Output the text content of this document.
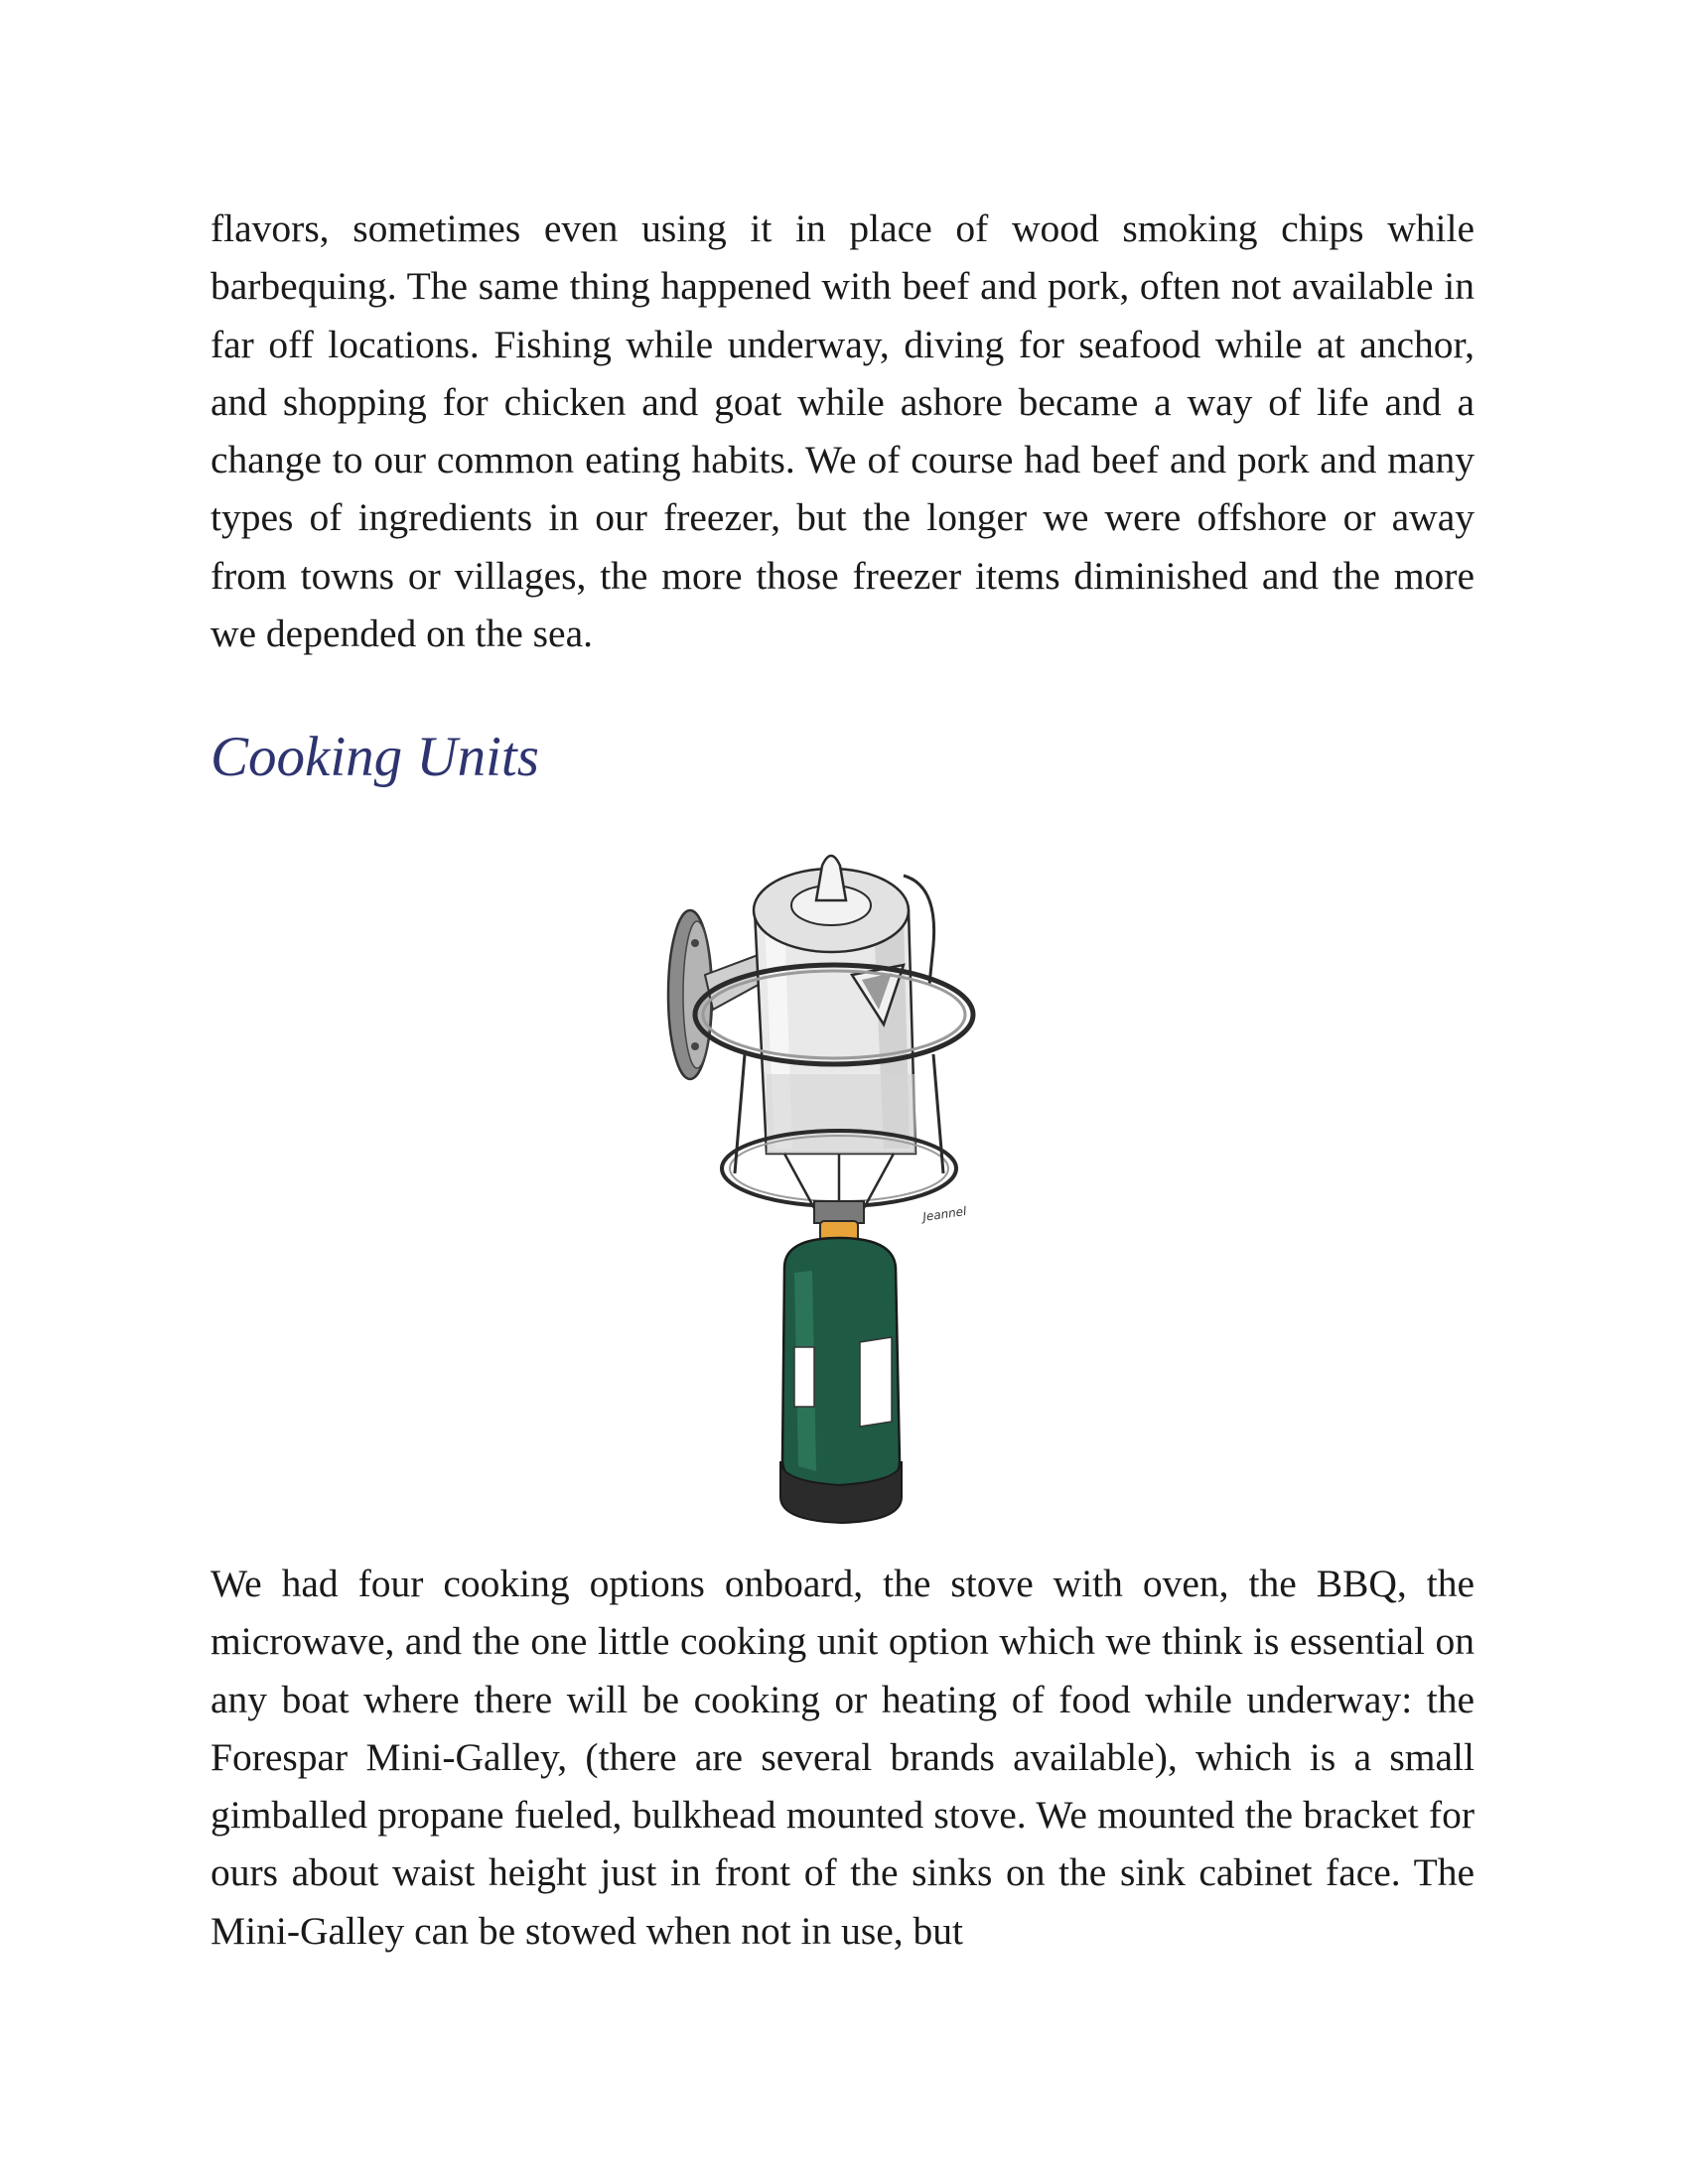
flavors, sometimes even using it in place of wood smoking chips while barbequing. The same thing happened with beef and pork, often not available in far off locations. Fishing while underway, diving for seafood while at anchor, and shopping for chicken and goat while ashore became a way of life and a change to our common eating habits. We of course had beef and pork and many types of ingredients in our freezer, but the longer we were offshore or away from towns or villages, the more those freezer items diminished and the more we depended on the sea.

Cooking Units
Jeannel

We had four cooking options onboard, the stove with oven, the BBQ, the microwave, and the one little cooking unit option which we think is essential on any boat where there will be cooking or heating of food while underway: the Forespar Mini-Galley, (there are several brands available), which is a small gimballed propane fueled, bulkhead mounted stove. We mounted the bracket for ours about waist height just in front of the sinks on the sink cabinet face. The Mini-Galley can be stowed when not in use, but
